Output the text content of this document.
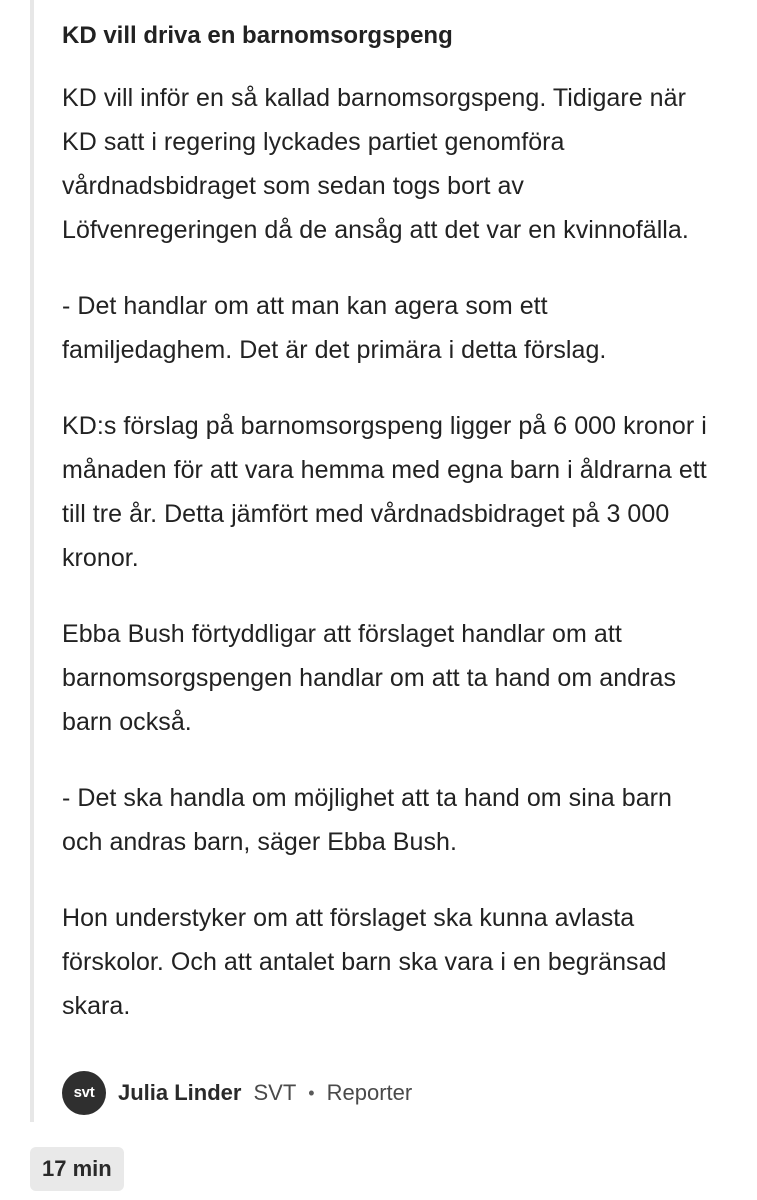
KD vill driva en barnomsorgspeng

KD vill inför en så kallad barnomsorgspeng. Tidigare när KD satt i regering lyckades partiet genomföra vårdnadsbidraget som sedan togs bort av Löfvenregeringen då de ansåg att det var en kvinnofälla.

- Det handlar om att man kan agera som ett familjedaghem. Det är det primära i detta förslag.

KD:s förslag på barnomsorgspeng ligger på 6 000 kronor i månaden för att vara hemma med egna barn i åldrarna ett till tre år. Detta jämfört med vårdnadsbidraget på 3 000 kronor.

Ebba Bush förtyddligar att förslaget handlar om att barnomsorgspengen handlar om att ta hand om andras barn också.

- Det ska handla om möjlighet att ta hand om sina barn och andras barn, säger Ebba Bush.

Hon understyker om att förslaget ska kunna avlasta förskolor. Och att antalet barn ska vara i en begränsad skara.

svt	Julia Linder SVT • Reporter
17 min
